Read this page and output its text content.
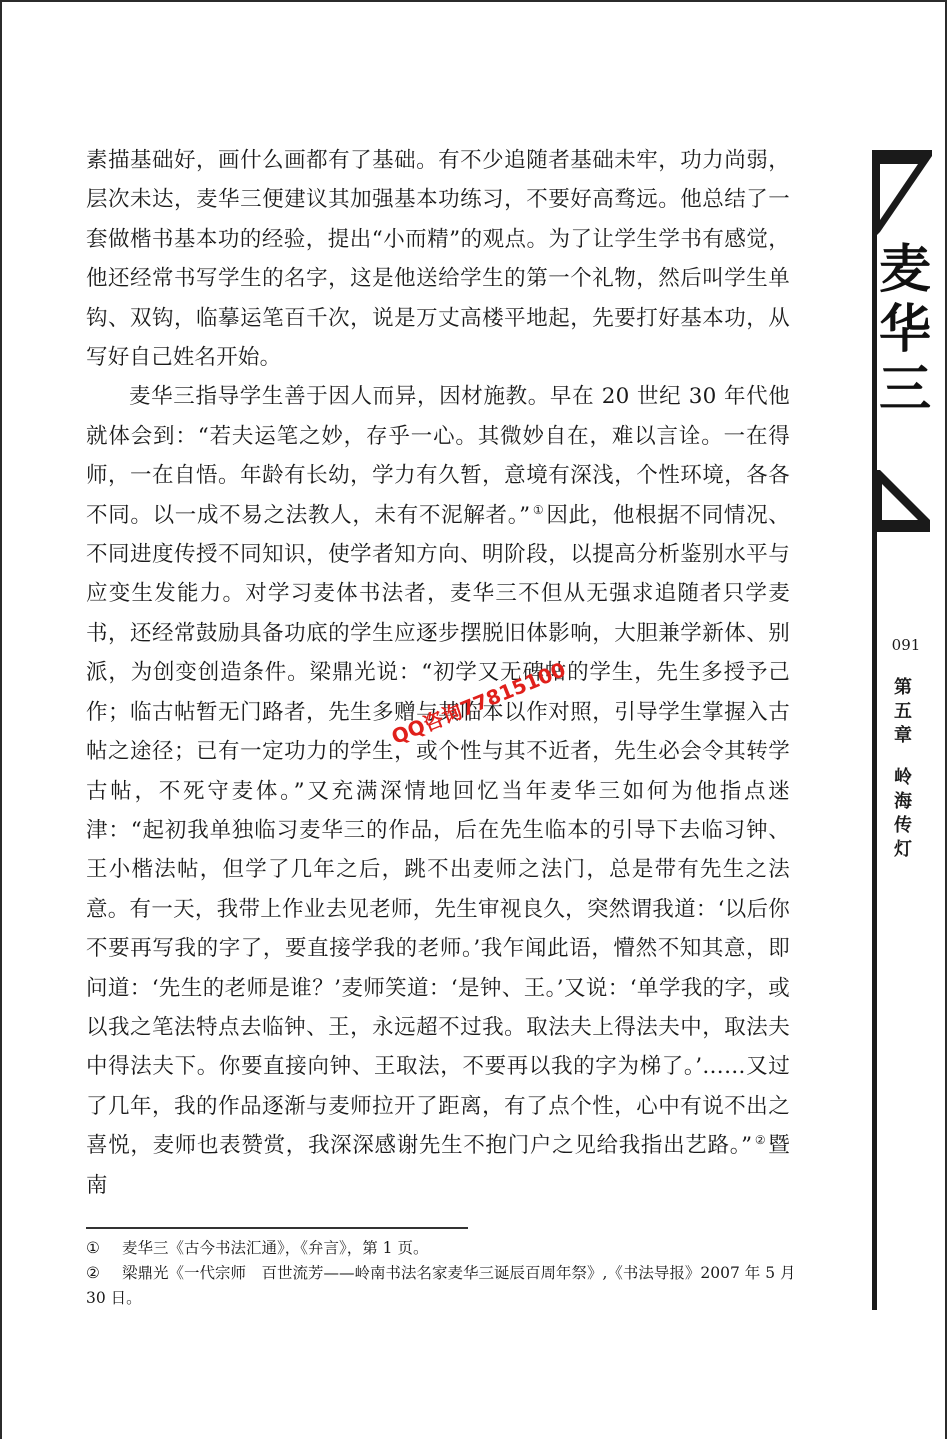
素描基础好，画什么画都有了基础。有不少追随者基础未牢，功力尚弱，层次未达，麦华三便建议其加强基本功练习，不要好高骛远。他总结了一套做楷书基本功的经验，提出“小而精”的观点。为了让学生学书有感觉，他还经常书写学生的名字，这是他送给学生的第一个礼物，然后叫学生单钩、双钩，临摹运笔百千次，说是万丈高楼平地起，先要打好基本功，从写好自己姓名开始。

麦华三指导学生善于因人而异，因材施教。早在 20 世纪 30 年代他就体会到：“若夫运笔之妙，存乎一心。其微妙自在，难以言诠。一在得师，一在自悟。年龄有长幼，学力有久暂，意境有深浅，个性环境，各各不同。以一成不易之法教人，未有不泥解者。” ①因此，他根据不同情况、不同进度传授不同知识，使学者知方向、明阶段，以提高分析鉴别水平与应变生发能力。对学习麦体书法者，麦华三不但从无强求追随者只学麦书，还经常鼓励具备功底的学生应逐步摆脱旧体影响，大胆兼学新体、别派，为创变创造条件。梁鼎光说：“初学又无碑帖的学生，先生多授予己作；临古帖暂无门路者，先生多赠与其临本以作对照，引导学生掌握入古帖之途径；已有一定功力的学生，或个性与其不近者，先生必会令其转学古帖，不死守麦体。”又充满深情地回忆当年麦华三如何为他指点迷津：“起初我单独临习麦华三的作品，后在先生临本的引导下去临习钟、王小楷法帖，但学了几年之后，跳不出麦师之法门，总是带有先生之法意。有一天，我带上作业去见老师，先生审视良久，突然谓我道：‘以后你不要再写我的字了，要直接学我的老师。’我乍闻此语，懵然不知其意，即问道：‘先生的老师是谁？’麦师笑道：‘是钟、王。’又说：‘单学我的字，或以我之笔法特点去临钟、王，永远超不过我。取法夫上得法夫中，取法夫中得法夫下。你要直接向钟、王取法，不要再以我的字为梯了。’……又过了几年，我的作品逐渐与麦师拉开了距离，有了点个性，心中有说不出之喜悦，麦师也表赞赏，我深深感谢先生不抱门户之见给我指出艺路。” ②暨南

① 麦华三《古今书法汇通》，《弁言》，第 1 页。

② 梁鼎光《一代宗师　百世流芳——岭南书法名家麦华三诞辰百周年祭》,《书法导报》2007 年 5 月 30 日。

麦
华
三
091
第
五
章
岭
海
传
灯
QQ咨询77815100
